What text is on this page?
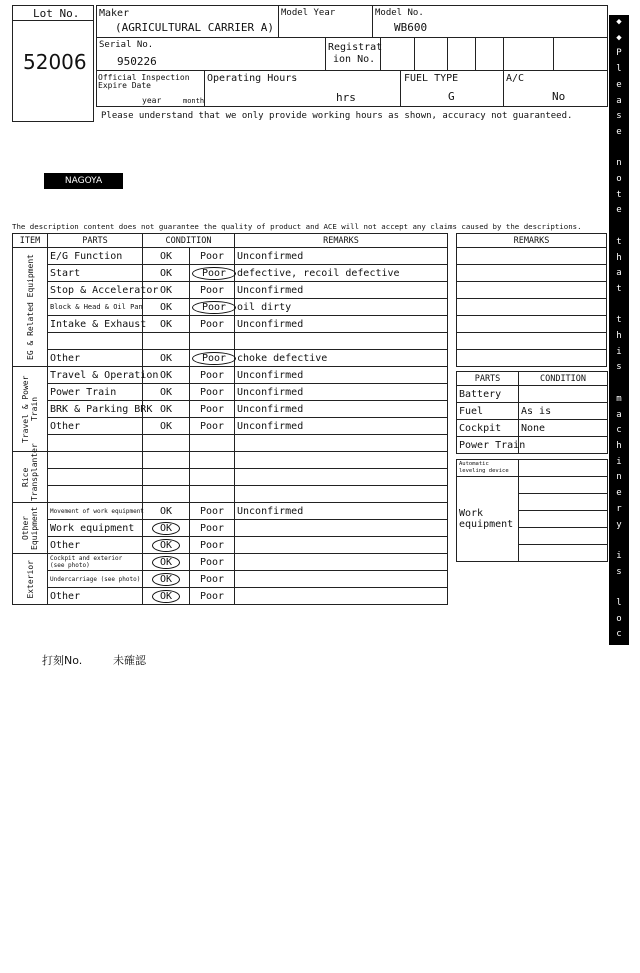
Lot No.
52006
Maker
(AGRICULTURAL CARRIER A)
Model Year	Model No.
WB600
Serial No.
950226
Registrat
ion No.
Official Inspection
Expire Date
year	month
Operating Hours
hrs
FUEL TYPE
G
A/C
No
Please understand that we only provide working hours as shown, accuracy not guaranteed.
NAGOYA
The description content does not guarantee the quality of product and ACE will not accept any claims caused by the descriptions.
ITEM	PARTS	CONDITION		REMARKS

EG & Related Equipment	E/G Function	OK	Poor	Unconfirmed
	Start	OK	Poor	defective, recoil defective
	Stop & Accelerator	OK	Poor	Unconfirmed
	Block & Head & Oil Pan	OK	Poor	oil dirty
	Intake & Exhaust	OK	Poor	Unconfirmed

	Other	OK	Poor	choke defective

Travel & Power Train	Travel & Operation	OK	Poor	Unconfirmed
	Power Train	OK	Poor	Unconfirmed
	BRK & Parking BRK	OK	Poor	Unconfirmed
	Other	OK	Poor	Unconfirmed

Rice Transplanter				

Other Equipment	Movement of work equipment	OK	Poor	Unconfirmed
	Work equipment	OK	Poor	
	Other	OK	Poor	

Exterior	Cockpit and exterior (see photo)	OK	Poor	
	Undercarriage (see photo)	OK	Poor	
	Other	OK	Poor	
REMARKS

PARTS	CONDITION
Battery	
Fuel	As is
Cockpit	None
Power Train	
Automatic leveling device	
Work equipment	

打刻No.	未確認
◆
◆
P
l
e
a
s
e

n
o
t
e

t
h
a
t

t
h
i
s

m
a
c
h
i
n
e
r
y

i
s

l
o
c
a
t
e
d

i
n

N
a
g
o
y
a

Y
a
r
d
◆
◆
